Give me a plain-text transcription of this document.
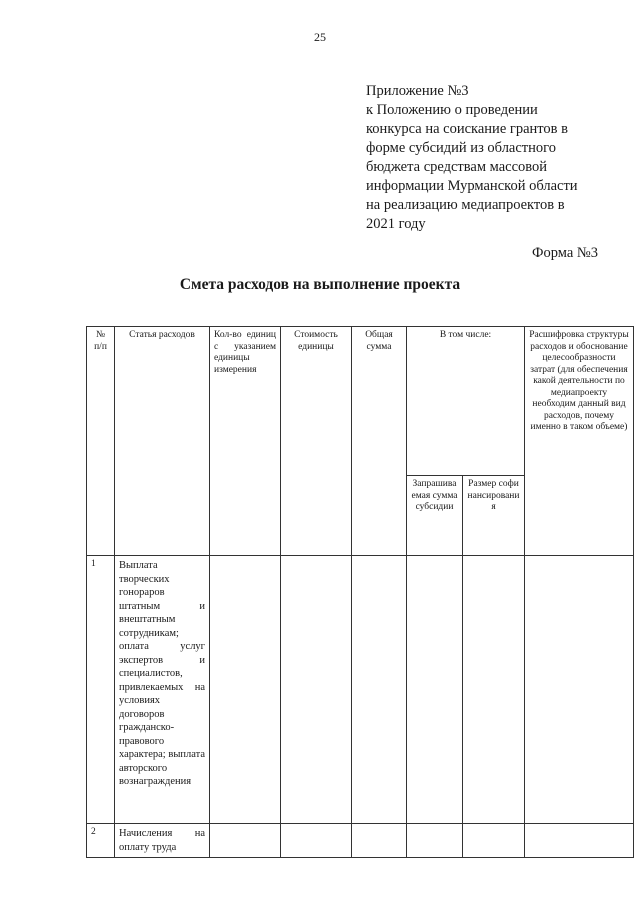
25
Приложение №3
к Положению о проведении
конкурса на соискание грантов в
форме субсидий из областного
бюджета средствам массовой
информации Мурманской области
на реализацию медиапроектов в
2021 году
Форма №3
Смета расходов на выполнение проекта
№ п/п	Статья расходов	Кол-во единиц с указанием единицы измерения	Стоимость единицы	Общая сумма	В том числе:		Расшифровка структуры расходов и обоснование целесообразности затрат (для обеспечения какой деятельности по медиапроекту необходим данный вид расходов, почему именно в таком объеме)
					Запрашиваемая сумма субсидии	Размер софинансирования	
1	Выплата творческих гонораров штатным и внештатным сотрудникам; оплата услуг экспертов и специалистов, привлекаемых на условиях договоров гражданско-правового характера; выплата авторского вознаграждения						
2	Начисления на оплату труда						
